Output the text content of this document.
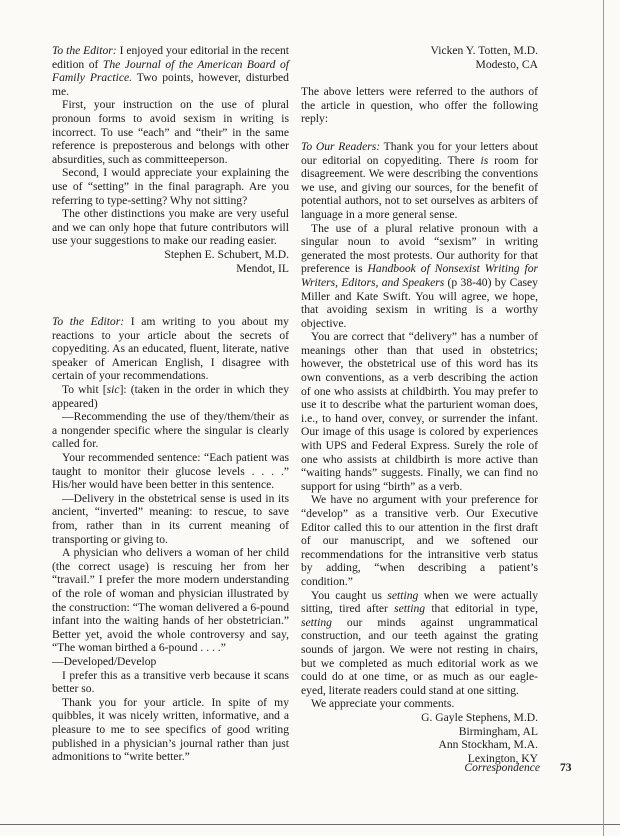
To the Editor: I enjoyed your editorial in the recent edition of The Journal of the American Board of Family Practice. Two points, however, disturbed me.

First, your instruction on the use of plural pronoun forms to avoid sexism in writing is incorrect. To use “each” and “their” in the same reference is preposterous and belongs with other absurdities, such as committeeperson.

Second, I would appreciate your explaining the use of “setting” in the final paragraph. Are you referring to type-setting? Why not sitting?

The other distinctions you make are very useful and we can only hope that future contributors will use your suggestions to make our reading easier.

Stephen E. Schubert, M.D.

Mendot, IL

To the Editor: I am writing to you about my reactions to your article about the secrets of copyediting. As an educated, fluent, literate, native speaker of American English, I disagree with certain of your recommendations.

To whit [sic]: (taken in the order in which they appeared)

—Recommending the use of they/them/their as a nongender specific where the singular is clearly called for.

Your recommended sentence: “Each patient was taught to monitor their glucose levels . . . .” His/her would have been better in this sentence.

—Delivery in the obstetrical sense is used in its ancient, “inverted” meaning: to rescue, to save from, rather than in its current meaning of transporting or giving to.

A physician who delivers a woman of her child (the correct usage) is rescuing her from her “travail.” I prefer the more modern understanding of the role of woman and physician illustrated by the construction: “The woman delivered a 6-pound infant into the waiting hands of her obstetrician.” Better yet, avoid the whole controversy and say, “The woman birthed a 6-pound . . . .”

—Developed/Develop

I prefer this as a transitive verb because it scans better so.

Thank you for your article. In spite of my quibbles, it was nicely written, informative, and a pleasure to me to see specifics of good writing published in a physician’s journal rather than just admonitions to “write better.”

Vicken Y. Totten, M.D.

Modesto, CA

The above letters were referred to the authors of the article in question, who offer the following reply:

To Our Readers: Thank you for your letters about our editorial on copyediting. There is room for disagreement. We were describing the conventions we use, and giving our sources, for the benefit of potential authors, not to set ourselves as arbiters of language in a more general sense.

The use of a plural relative pronoun with a singular noun to avoid “sexism” in writing generated the most protests. Our authority for that preference is Handbook of Nonsexist Writing for Writers, Editors, and Speakers (p 38-40) by Casey Miller and Kate Swift. You will agree, we hope, that avoiding sexism in writing is a worthy objective.

You are correct that “delivery” has a number of meanings other than that used in obstetrics; however, the obstetrical use of this word has its own conventions, as a verb describing the action of one who assists at childbirth. You may prefer to use it to describe what the parturient woman does, i.e., to hand over, convey, or surrender the infant. Our image of this usage is colored by experiences with UPS and Federal Express. Surely the role of one who assists at childbirth is more active than “waiting hands” suggests. Finally, we can find no support for using “birth” as a verb.

We have no argument with your preference for “develop” as a transitive verb. Our Executive Editor called this to our attention in the first draft of our manuscript, and we softened our recommendations for the intransitive verb status by adding, “when describing a patient’s condition.”

You caught us setting when we were actually sitting, tired after setting that editorial in type, setting our minds against ungrammatical construction, and our teeth against the grating sounds of jargon. We were not resting in chairs, but we completed as much editorial work as we could do at one time, or as much as our eagle-eyed, literate readers could stand at one sitting.

We appreciate your comments.

G. Gayle Stephens, M.D.

Birmingham, AL

Ann Stockham, M.A.

Lexington, KY

Correspondence 73
